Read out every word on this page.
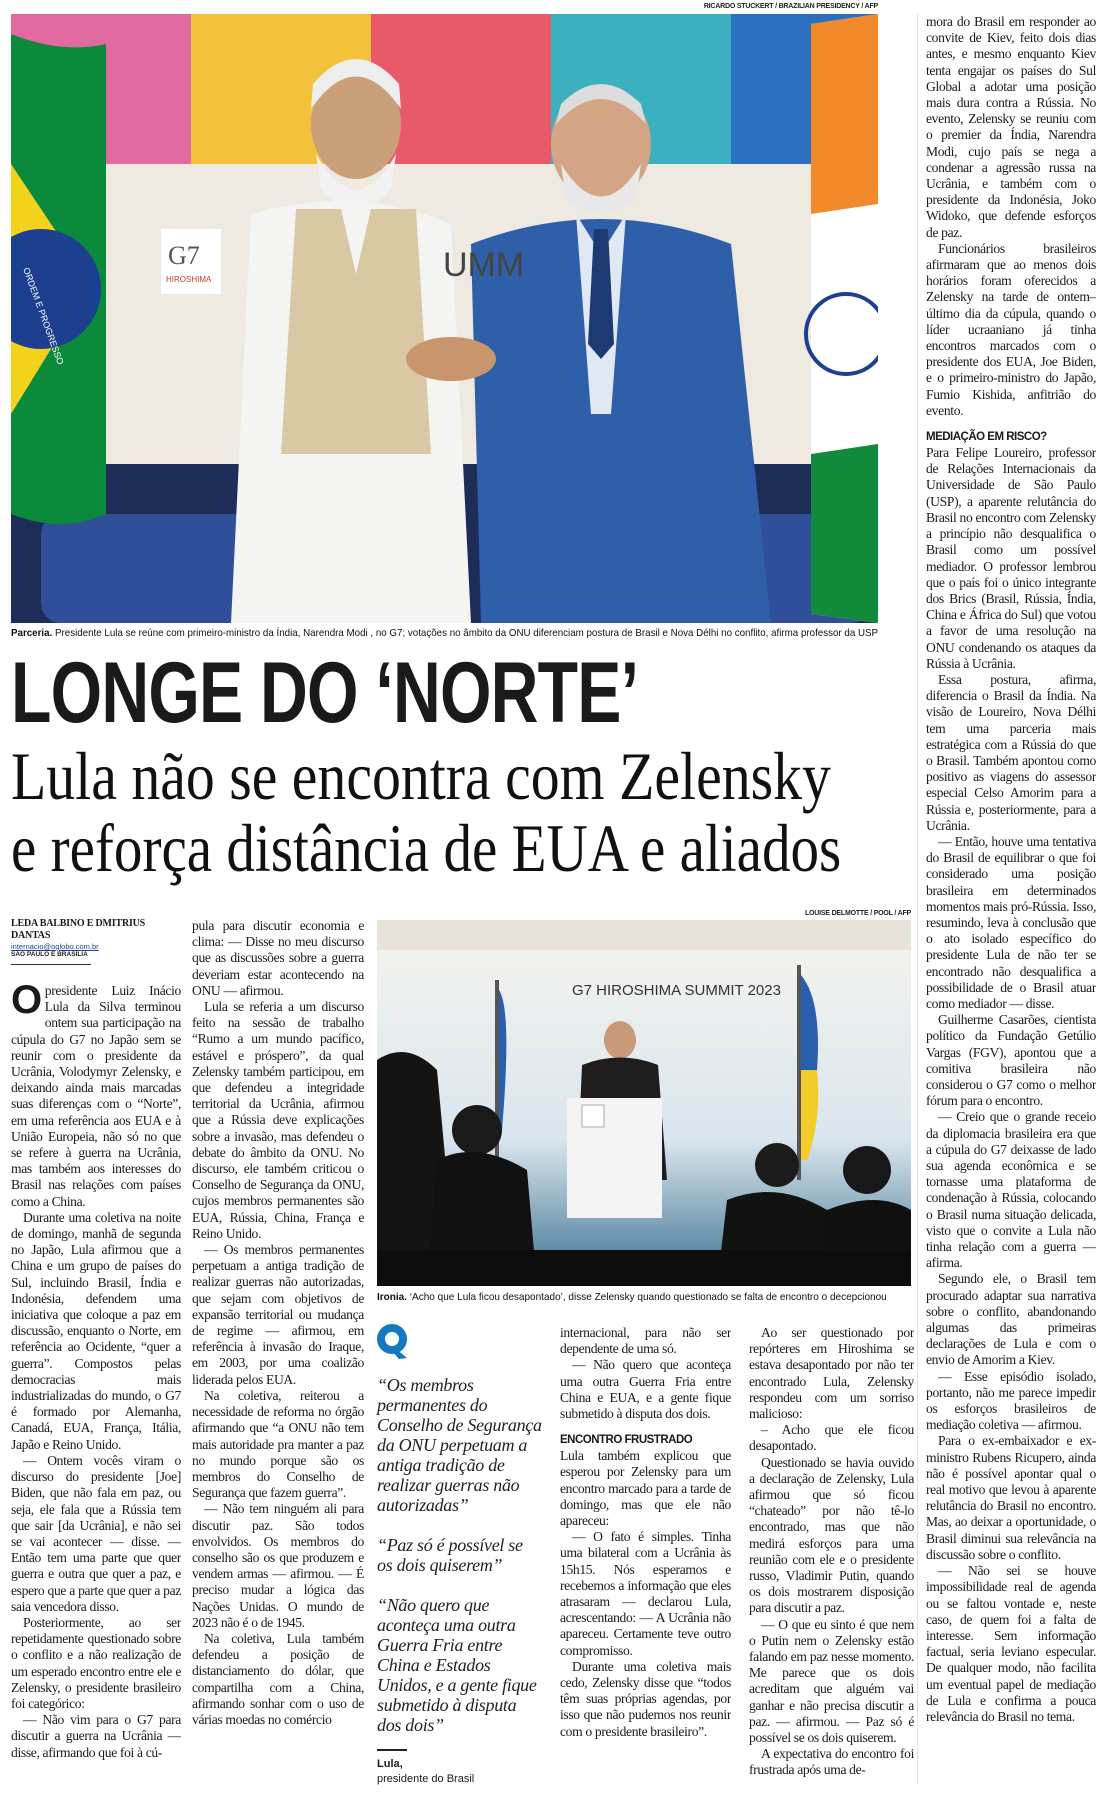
RICARDO STUCKERT / BRAZILIAN PRESIDENCY / AFP
ORDEM E PROGRESSO
G7
HIROSHIMA	UMM
Parceria. Presidente Lula se reúne com primeiro-ministro da Índia, Narendra Modi , no G7; votações no âmbito da ONU diferenciam postura de Brasil e Nova Délhi no conflito, afirma professor da USP
LONGE DO ‘NORTE’
Lula não se encontra com Zelensky
e reforça distância de EUA e aliados
LEDA BALBINO E DMITRIUS DANTAS
internacio@oglobo.com.br
SÃO PAULO E BRASÍLIA

Opresidente Luiz Inácio Lula da Silva terminou ontem sua participação na cúpula do G7 no Japão sem se reunir com o presidente da Ucrânia, Volodymyr Zelensky, e deixando ainda mais marcadas suas diferenças com o “Norte”, em uma referência aos EUA e à União Europeia, não só no que se refere à guerra na Ucrânia, mas também aos interesses do Brasil nas relações com países como a China.

Durante uma coletiva na noite de domingo, manhã de segunda no Japão, Lula afirmou que a China e um grupo de países do Sul, incluindo Brasil, Índia e Indonésia, defendem uma iniciativa que coloque a paz em discussão, enquanto o Norte, em referência ao Ocidente, “quer a guerra”. Compostos pelas democracias mais industrializadas do mundo, o G7 é formado por Alemanha, Canadá, EUA, França, Itália, Japão e Reino Unido.

— Ontem vocês viram o discurso do presidente [Joe] Biden, que não fala em paz, ou seja, ele fala que a Rússia tem que sair [da Ucrânia], e não sei se vai acontecer — disse. — Então tem uma parte que quer guerra e outra que quer a paz, e espero que a parte que quer a paz saia vencedora disso.

Posteriormente, ao ser repetidamente questionado sobre o conflito e a não realização de um esperado encontro entre ele e Zelensky, o presidente brasileiro foi categórico:

— Não vim para o G7 para discutir a guerra na Ucrânia — disse, afirmando que foi à cú-

pula para discutir economia e clima: — Disse no meu discurso que as discussões sobre a guerra deveriam estar acontecendo na ONU — afirmou.

Lula se referia a um discurso feito na sessão de trabalho “Rumo a um mundo pacífico, estável e próspero”, da qual Zelensky também participou, em que defendeu a integridade territorial da Ucrânia, afirmou que a Rússia deve explicações sobre a invasão, mas defendeu o debate do âmbito da ONU. No discurso, ele também criticou o Conselho de Segurança da ONU, cujos membros permanentes são EUA, Rússia, China, França e Reino Unido.

— Os membros permanentes perpetuam a antiga tradição de realizar guerras não autorizadas, que sejam com objetivos de expansão territorial ou mudança de regime — afirmou, em referência à invasão do Iraque, em 2003, por uma coalizão liderada pelos EUA.

Na coletiva, reiterou a necessidade de reforma no órgão afirmando que “a ONU não tem mais autoridade pra manter a paz no mundo porque são os membros do Conselho de Segurança que fazem guerra”.

— Não tem ninguém ali para discutir paz. São todos envolvidos. Os membros do conselho são os que produzem e vendem armas — afirmou. — É preciso mudar a lógica das Nações Unidas. O mundo de 2023 não é o de 1945.

Na coletiva, Lula também defendeu a posição de distanciamento do dólar, que compartilha com a China, afirmando sonhar com o uso de várias moedas no comércio

LOUISE DELMOTTE / POOL / AFP
G7 HIROSHIMA SUMMIT 2023
Ironia. ‘Acho que Lula ficou desapontado’, disse Zelensky quando questionado se falta de encontro o decepcionou
“Os membros permanentes do Conselho de Segurança da ONU perpetuam a antiga tradição de realizar guerras não autorizadas”
“Paz só é possível se os dois quiserem”
“Não quero que aconteça uma outra Guerra Fria entre China e Estados Unidos, e a gente fique submetido à disputa dos dois”
Lula,
presidente do Brasil

internacional, para não ser dependente de uma só.

— Não quero que aconteça uma outra Guerra Fria entre China e EUA, e a gente fique submetido à disputa dos dois.

ENCONTRO FRUSTRADO

Lula também explicou que esperou por Zelensky para um encontro marcado para a tarde de domingo, mas que ele não apareceu:

— O fato é simples. Tinha uma bilateral com a Ucrânia às 15h15. Nós esperamos e recebemos a informação que eles atrasaram — declarou Lula, acrescentando: — A Ucrânia não apareceu. Certamente teve outro compromisso.

Durante uma coletiva mais cedo, Zelensky disse que “todos têm suas próprias agendas, por isso que não pudemos nos reunir com o presidente brasileiro”.

Ao ser questionado por repórteres em Hiroshima se estava desapontado por não ter encontrado Lula, Zelensky respondeu com um sorriso malicioso:

– Acho que ele ficou desapontado.

Questionado se havia ouvido a declaração de Zelensky, Lula afirmou que só ficou “chateado” por não tê-lo encontrado, mas que não medirá esforços para uma reunião com ele e o presidente russo, Vladimir Putin, quando os dois mostrarem disposição para discutir a paz.

— O que eu sinto é que nem o Putin nem o Zelensky estão falando em paz nesse momento. Me parece que os dois acreditam que alguém vai ganhar e não precisa discutir a paz. — afirmou. — Paz só é possível se os dois quiserem.

A expectativa do encontro foi frustrada após uma de-

mora do Brasil em responder ao convite de Kiev, feito dois dias antes, e mesmo enquanto Kiev tenta engajar os países do Sul Global a adotar uma posição mais dura contra a Rússia. No evento, Zelensky se reuniu com o premier da Índia, Narendra Modi, cujo país se nega a condenar a agressão russa na Ucrânia, e também com o presidente da Indonésia, Joko Widoko, que defende esforços de paz.

Funcionários brasileiros afirmaram que ao menos dois horários foram oferecidos a Zelensky na tarde de ontem– último dia da cúpula, quando o líder ucraaniano já tinha encontros marcados com o presidente dos EUA, Joe Biden, e o primeiro-ministro do Japão, Fumio Kishida, anfitrião do evento.

MEDIAÇÃO EM RISCO?

Para Felipe Loureiro, professor de Relações Internacionais da Universidade de São Paulo (USP), a aparente relutância do Brasil no encontro com Zelensky a princípio não desqualifica o Brasil como um possível mediador. O professor lembrou que o país foi o único integrante dos Brics (Brasil, Rússia, Índia, China e África do Sul) que votou a favor de uma resolução na ONU condenando os ataques da Rússia à Ucrânia.

Essa postura, afirma, diferencia o Brasil da Índia. Na visão de Loureiro, Nova Délhi tem uma parceria mais estratégica com a Rússia do que o Brasil. Também apontou como positivo as viagens do assessor especial Celso Amorim para a Rússia e, posteriormente, para a Ucrânia.

— Então, houve uma tentativa do Brasil de equilibrar o que foi considerado uma posição brasileira em determinados momentos mais pró-Rússia. Isso, resumindo, leva à conclusão que o ato isolado específico do presidente Lula de não ter se encontrado não desqualifica a possibilidade de o Brasil atuar como mediador — disse.

Guilherme Casarões, cientista político da Fundação Getúlio Vargas (FGV), apontou que a comitiva brasileira não considerou o G7 como o melhor fórum para o encontro.

— Creio que o grande receio da diplomacia brasileira era que a cúpula do G7 deixasse de lado sua agenda econômica e se tornasse uma plataforma de condenação à Rússia, colocando o Brasil numa situação delicada, visto que o convite a Lula não tinha relação com a guerra — afirma.

Segundo ele, o Brasil tem procurado adaptar sua narrativa sobre o conflito, abandonando algumas das primeiras declarações de Lula e com o envio de Amorim a Kiev.

— Esse episódio isolado, portanto, não me parece impedir os esforços brasileiros de mediação coletiva — afirmou.

Para o ex-embaixador e ex-ministro Rubens Ricupero, ainda não é possível apontar qual o real motivo que levou à aparente relutância do Brasil no encontro. Mas, ao deixar a oportunidade, o Brasil diminui sua relevância na discussão sobre o conflito.

— Não sei se houve impossibilidade real de agenda ou se faltou vontade e, neste caso, de quem foi a falta de interesse. Sem informação factual, seria leviano especular. De qualquer modo, não facilita um eventual papel de mediação de Lula e confirma a pouca relevância do Brasil no tema.
